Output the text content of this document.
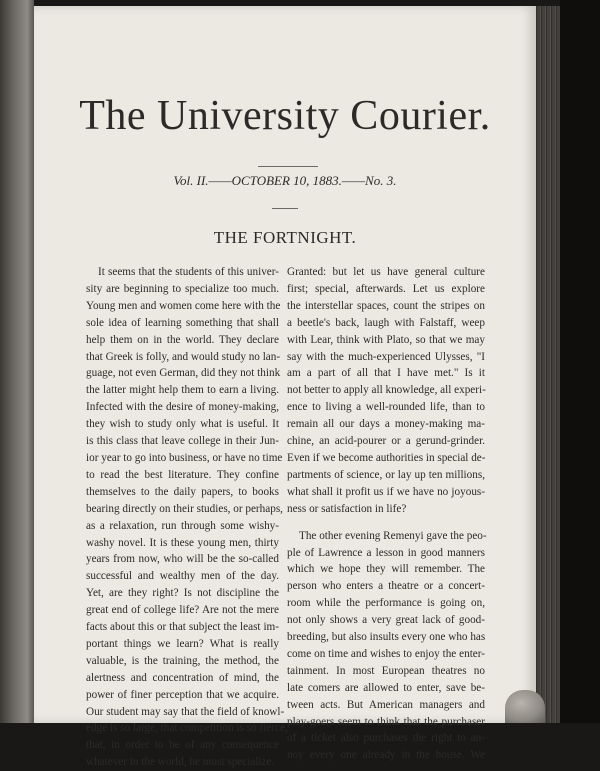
The University Courier.
Vol. II.——OCTOBER 10, 1883.——No. 3.
THE FORTNIGHT.
It seems that the students of this univer-
sity are beginning to specialize too much.
Young men and women come here with the
sole idea of learning something that shall
help them on in the world. They declare
that Greek is folly, and would study no lan-
guage, not even German, did they not think
the latter might help them to earn a living.
Infected with the desire of money-making,
they wish to study only what is useful. It
is this class that leave college in their Jun-
ior year to go into business, or have no time
to read the best literature. They confine
themselves to the daily papers, to books
bearing directly on their studies, or perhaps,
as a relaxation, run through some wishy-
washy novel. It is these young men, thirty
years from now, who will be the so-called
successful and wealthy men of the day.
Yet, are they right? Is not discipline the
great end of college life? Are not the mere
facts about this or that subject the least im-
portant things we learn? What is really
valuable, is the training, the method, the
alertness and concentration of mind, the
power of finer perception that we acquire.
Our student may say that the field of knowl-
edge is so large, that competition is so fierce,
that, in order to be of any consequence
whatever in the world, he must specialize.
Granted: but let us have general culture
first; special, afterwards. Let us explore
the interstellar spaces, count the stripes on
a beetle's back, laugh with Falstaff, weep
with Lear, think with Plato, so that we may
say with the much-experienced Ulysses, "I
am a part of all that I have met." Is it
not better to apply all knowledge, all experi-
ence to living a well-rounded life, than to
remain all our days a money-making ma-
chine, an acid-pourer or a gerund-grinder.
Even if we become authorities in special de-
partments of science, or lay up ten millions,
what shall it profit us if we have no joyous-
ness or satisfaction in life?
The other evening Remenyi gave the peo-
ple of Lawrence a lesson in good manners
which we hope they will remember. The
person who enters a theatre or a concert-
room while the performance is going on,
not only shows a very great lack of good-
breeding, but also insults every one who has
come on time and wishes to enjoy the enter-
tainment. In most European theatres no
late comers are allowed to enter, save be-
tween acts. But American managers and
play-goers seem to think that the purchaser
of a ticket also purchases the right to an-
noy every one already in the house. We
